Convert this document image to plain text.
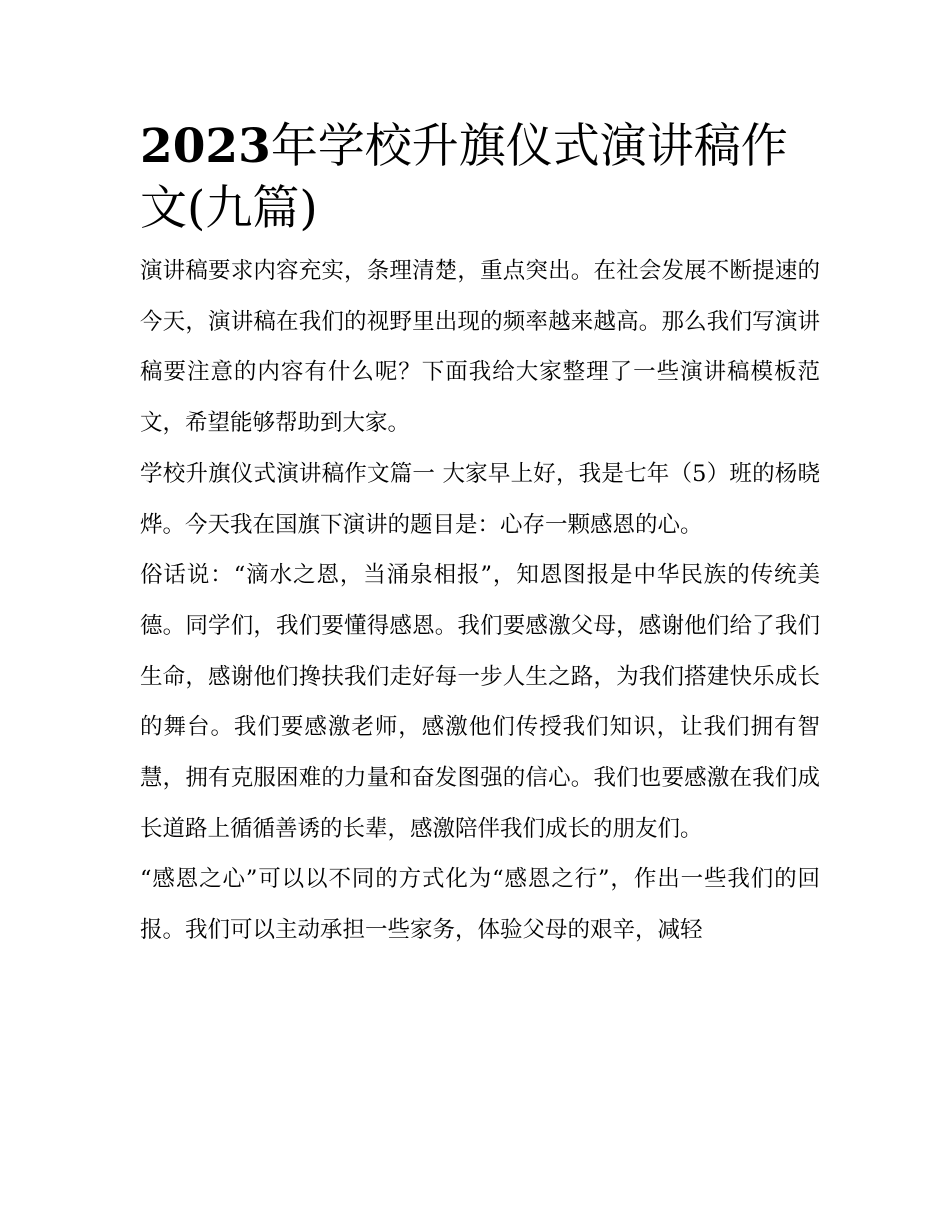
2023年学校升旗仪式演讲稿作文(九篇)

演讲稿要求内容充实，条理清楚，重点突出。在社会发展不断提速的今天，演讲稿在我们的视野里出现的频率越来越高。那么我们写演讲稿要注意的内容有什么呢？下面我给大家整理了一些演讲稿模板范文，希望能够帮助到大家。

学校升旗仪式演讲稿作文篇一 大家早上好，我是七年（5）班的杨晓烨。今天我在国旗下演讲的题目是：心存一颗感恩的心。

俗话说：“滴水之恩，当涌泉相报”，知恩图报是中华民族的传统美德。同学们，我们要懂得感恩。我们要感激父母，感谢他们给了我们生命，感谢他们搀扶我们走好每一步人生之路，为我们搭建快乐成长的舞台。我们要感激老师，感激他们传授我们知识，让我们拥有智慧，拥有克服困难的力量和奋发图强的信心。我们也要感激在我们成长道路上循循善诱的长辈，感激陪伴我们成长的朋友们。

“感恩之心”可以以不同的方式化为“感恩之行”，作出一些我们的回报。我们可以主动承担一些家务，体验父母的艰辛，减轻
